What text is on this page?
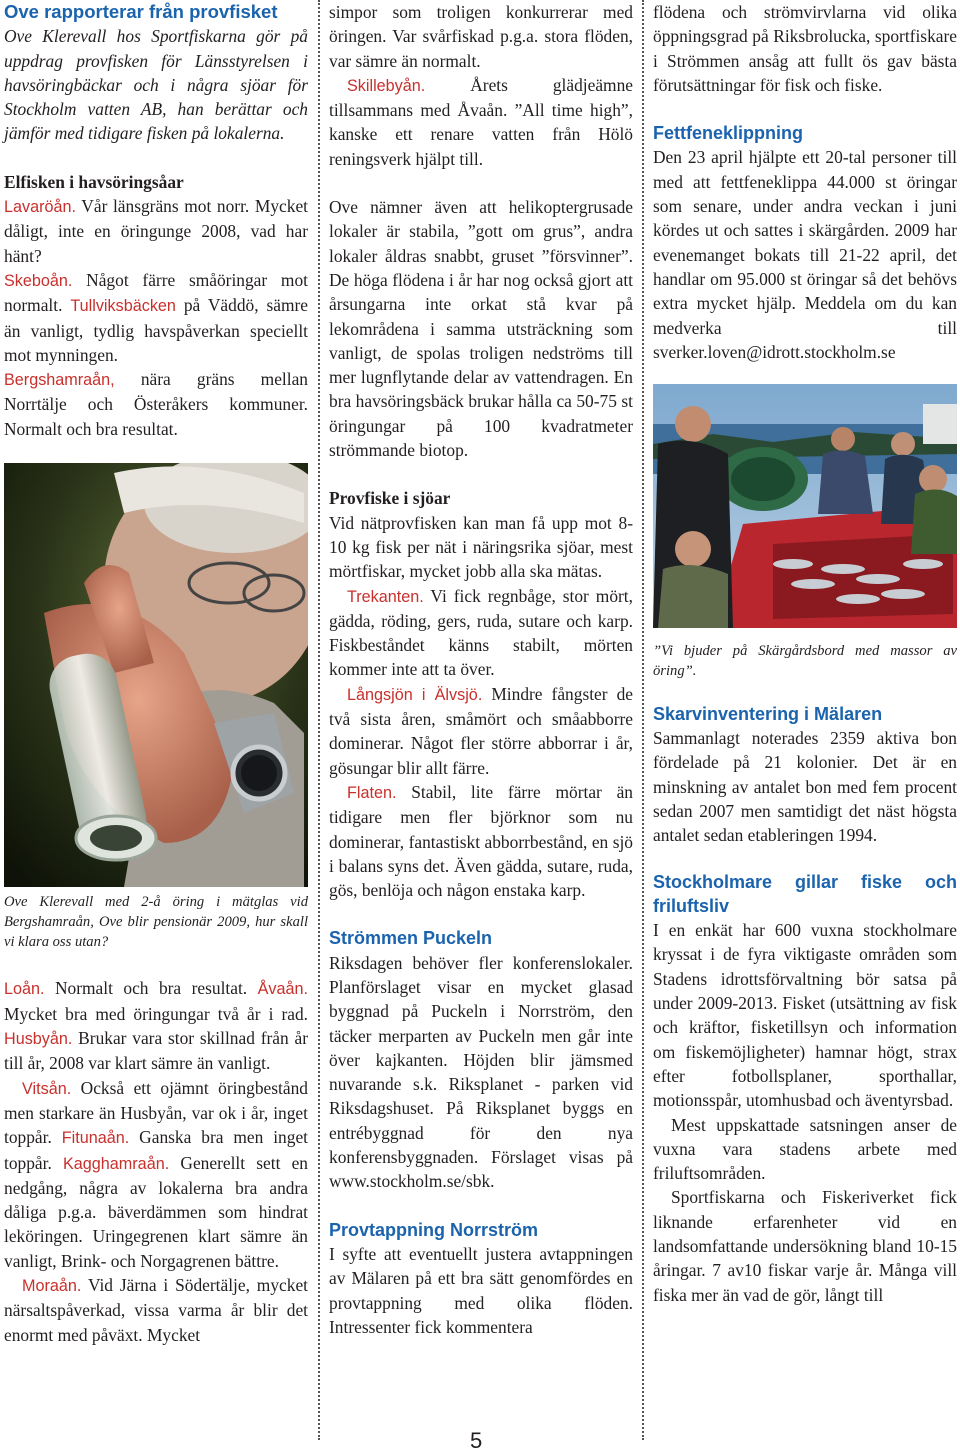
Ove rapporterar från provfisket

Ove Klerevall hos Sportfiskarna gör på uppdrag provfisken för Länsstyrelsen i havsöringbäckar och i några sjöar för Stockholm vatten AB, han berättar och jämför med tidigare fisken på lokalerna.

Elfisken i havsöringsåar

Lavaröån. Vår länsgräns mot norr. Mycket dåligt, inte en öringunge 2008, vad har hänt?

Skeboån. Något färre småöringar mot normalt. Tullviksbäcken på Väddö, sämre än vanligt, tydlig havspåverkan speciellt mot mynningen.

Bergshamraån, nära gräns mellan Norrtälje och Österåkers kommuner. Normalt och bra resultat.

Ove Klerevall med 2-å öring i mätglas vid Bergshamraån, Ove blir pensionär 2009, hur skall vi klara oss utan?

Loån. Normalt och bra resultat. Åvaån. Mycket bra med öringungar två år i rad. Husbyån. Brukar vara stor skillnad från år till år, 2008 var klart sämre än vanligt.

Vitsån. Också ett ojämnt öringbestånd men starkare än Husbyån, var ok i år, inget toppår. Fitunaån. Ganska bra men inget toppår. Kagghamraån. Generellt sett en nedgång, några av lokalerna bra andra dåliga p.g.a. bäverdämmen som hindrat leköringen. Uringegrenen klart sämre än vanligt, Brink- och Norgagrenen bättre.

Moraån. Vid Järna i Södertälje, mycket närsaltspåverkad, vissa varma år blir det enormt med påväxt. Mycket

simpor som troligen konkurrerar med öringen. Var svårfiskad p.g.a. stora flöden, var sämre än normalt.

Skillebyån. Årets glädjeämne tillsammans med Åvaån. ”All time high”, kanske ett renare vatten från Hölö reningsverk hjälpt till.

Ove nämner även att helikoptergrusade lokaler är stabila, ”gott om grus”, andra lokaler åldras snabbt, gruset ”försvinner”. De höga flödena i år har nog också gjort att årsungarna inte orkat stå kvar på lekområdena i samma utsträckning som vanligt, de spolas troligen nedströms till mer lugnflytande delar av vattendragen. En bra havsöringsbäck brukar hålla ca 50-75 st öringungar på 100 kvadratmeter strömmande biotop.

Provfiske i sjöar

Vid nätprovfisken kan man få upp mot 8-10 kg fisk per nät i näringsrika sjöar, mest mörtfiskar, mycket jobb alla ska mätas.

Trekanten. Vi fick regnbåge, stor mört, gädda, röding, gers, ruda, sutare och karp. Fiskbeståndet känns stabilt, mörten kommer inte att ta över.

Långsjön i Älvsjö. Mindre fångster de två sista åren, småmört och småabborre dominerar. Något fler större abborrar i år, gösungar blir allt färre.

Flaten. Stabil, lite färre mörtar än tidigare men fler björknor som nu dominerar, fantastiskt abborrbestånd, en sjö i balans syns det. Även gädda, sutare, ruda, gös, benlöja och någon enstaka karp.

Strömmen Puckeln

Riksdagen behöver fler konferenslokaler. Planförslaget visar en mycket glasad byggnad på Puckeln i Norrström, den täcker merparten av Puckeln men går inte över kajkanten. Höjden blir jämsmed nuvarande s.k. Riksplanet - parken vid Riksdagshuset. På Riksplanet byggs en entrébyggnad för den nya konferensbyggnaden. Förslaget visas på www.stockholm.se/sbk.

Provtappning Norrström

I syfte att eventuellt justera avtappningen av Mälaren på ett bra sätt genomfördes en provtappning med olika flöden. Intressenter fick kommentera

flödena och strömvirvlarna vid olika öppningsgrad på Riksbrolucka, sportfiskare i Strömmen ansåg att fullt ös gav bästa förutsättningar för fisk och fiske.

Fettfeneklippning

Den 23 april hjälpte ett 20-tal personer till med att fettfeneklippa 44.000 st öringar som senare, under andra veckan i juni kördes ut och sattes i skärgården. 2009 har evenemanget bokats till 21-22 april, det handlar om 95.000 st öringar så det behövs extra mycket hjälp. Meddela om du kan medverka till sverker.loven@idrott.stockholm.se

”Vi bjuder på Skärgårdsbord med massor av öring”.

Skarvinventering i Mälaren

Sammanlagt noterades 2359 aktiva bon fördelade på 21 kolonier. Det är en minskning av antalet bon med fem procent sedan 2007 men samtidigt det näst högsta antalet sedan etableringen 1994.

Stockholmare gillar fiske och friluftsliv

I en enkät har 600 vuxna stockholmare kryssat i de fyra viktigaste områden som Stadens idrottsförvaltning bör satsa på under 2009-2013. Fisket (utsättning av fisk och kräftor, fisketillsyn och information om fiskemöjligheter) hamnar högt, strax efter fotbollsplaner, sporthallar, motionsspår, utomhusbad och äventyrsbad.

Mest uppskattade satsningen anser de vuxna vara stadens arbete med friluftsområden.

Sportfiskarna och Fiskeriverket fick liknande erfarenheter vid en landsomfattande undersökning bland 10-15 åringar. 7 av10 fiskar varje år. Många vill fiska mer än vad de gör, långt till

5
